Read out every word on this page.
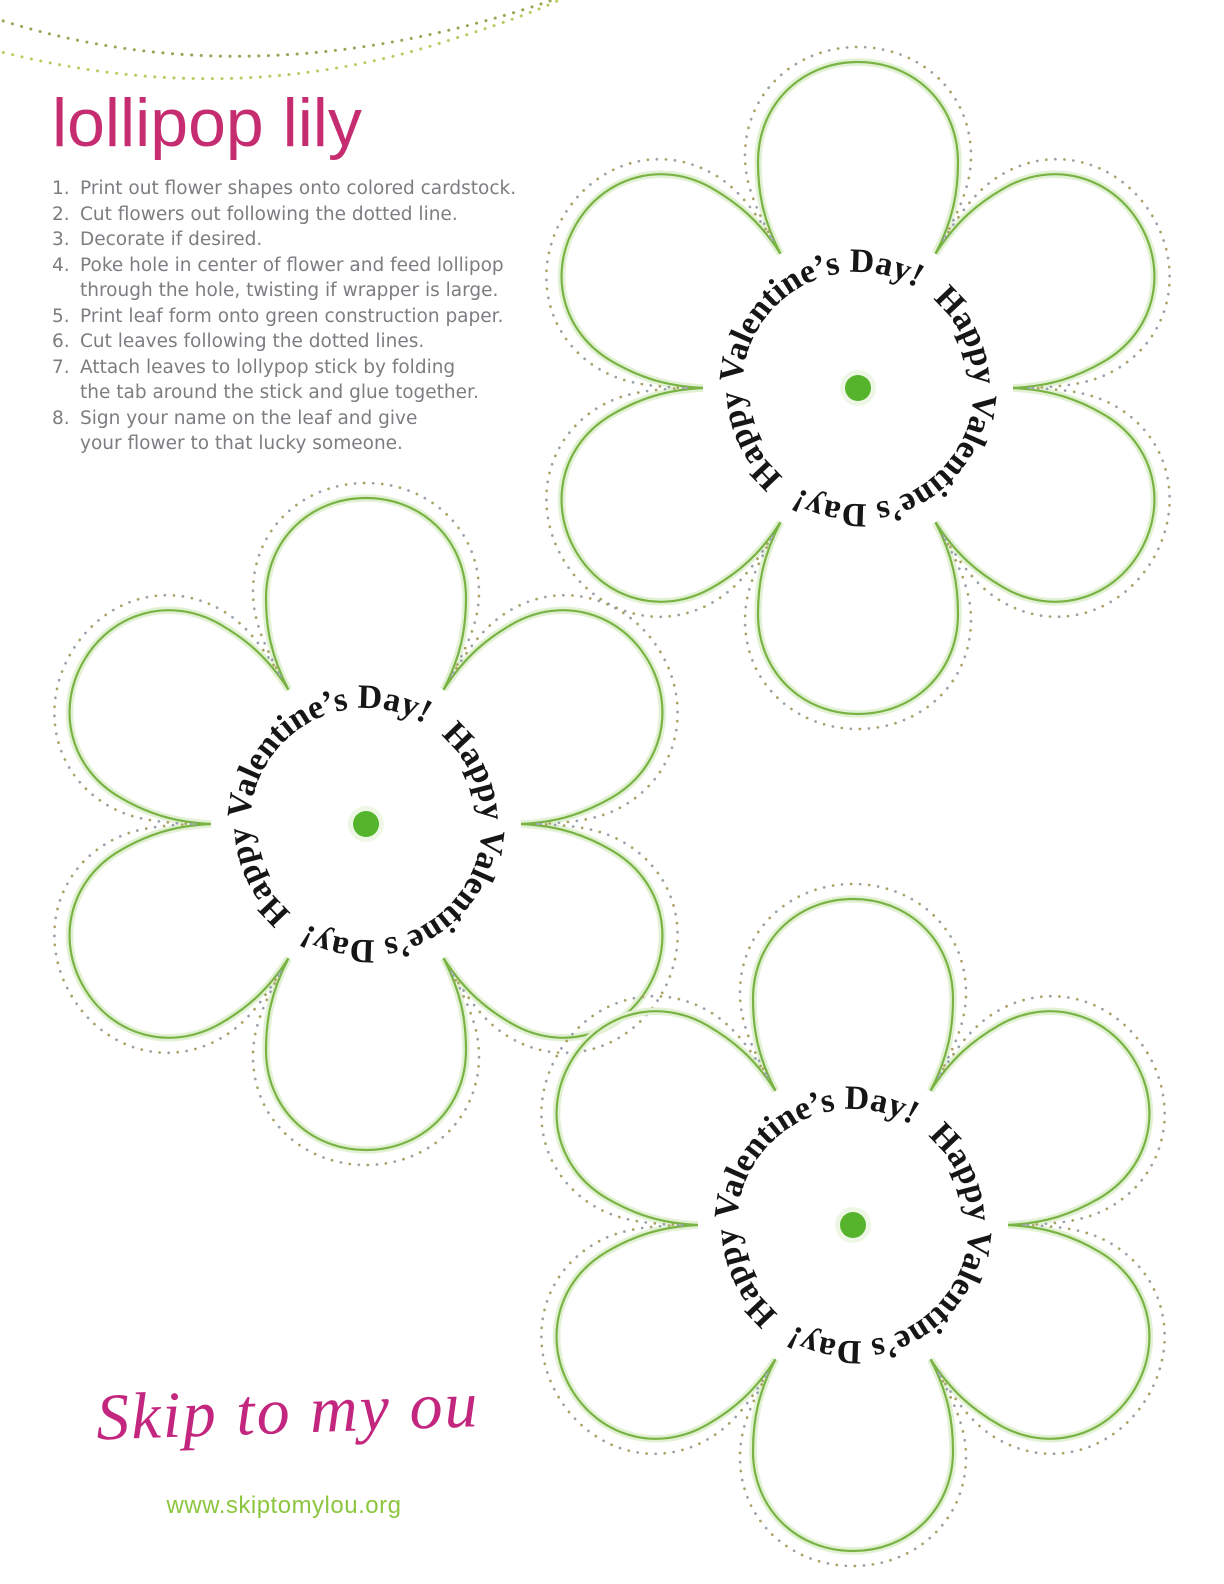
Happy Valentine’s Day!
Happy Valentine’s Day!
Happy Valentine’s Day!
Happy Valentine’s Day!
Happy Valentine’s Day!
Happy Valentine’s Day!
lollipop lily
1. Print out flower shapes onto colored cardstock.
2. Cut flowers out following the dotted line.
3. Decorate if desired.
4. Poke hole in center of flower and feed lollipop
through the hole, twisting if wrapper is large.
5. Print leaf form onto green construction paper.
6. Cut leaves following the dotted lines.
7. Attach leaves to lollypop stick by folding
the tab around the stick and glue together.
8. Sign your name on the leaf and give
your flower to that lucky someone.
Skip to my ou
www.skiptomylou.org
